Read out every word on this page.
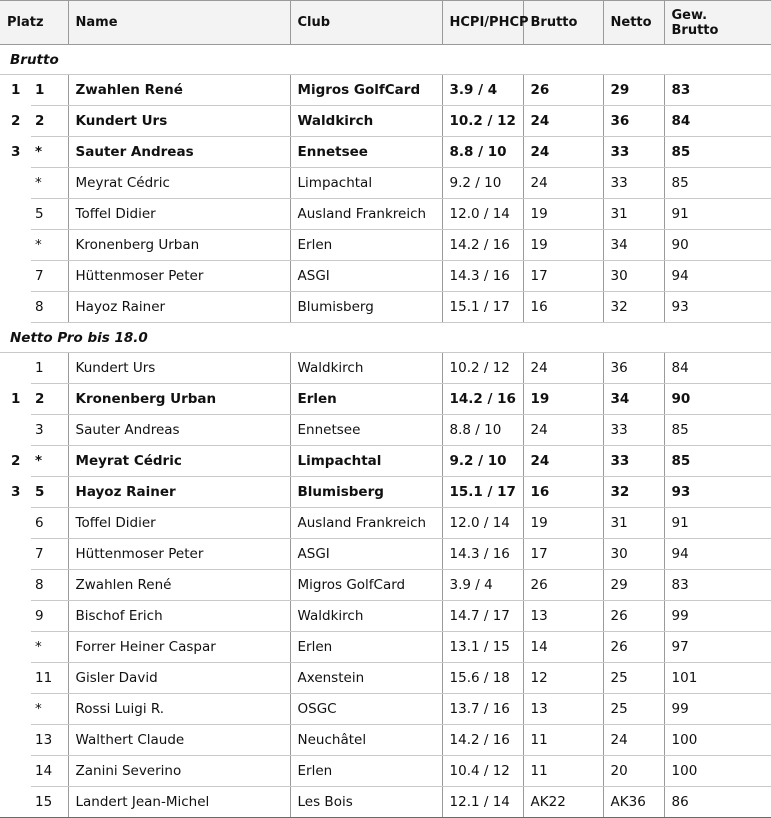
Platz		Name	Club	HCPI/PHCP	Brutto	Netto	Gew. Brutto
Brutto							
1	1	Zwahlen René	Migros GolfCard	3.9 / 4	26	29	83
2	2	Kundert Urs	Waldkirch	10.2 / 12	24	36	84
3	*	Sauter Andreas	Ennetsee	8.8 / 10	24	33	85
	*	Meyrat Cédric	Limpachtal	9.2 / 10	24	33	85
	5	Toffel Didier	Ausland Frankreich	12.0 / 14	19	31	91
	*	Kronenberg Urban	Erlen	14.2 / 16	19	34	90
	7	Hüttenmoser Peter	ASGI	14.3 / 16	17	30	94
	8	Hayoz Rainer	Blumisberg	15.1 / 17	16	32	93
Netto Pro bis 18.0							
	1	Kundert Urs	Waldkirch	10.2 / 12	24	36	84
1	2	Kronenberg Urban	Erlen	14.2 / 16	19	34	90
	3	Sauter Andreas	Ennetsee	8.8 / 10	24	33	85
2	*	Meyrat Cédric	Limpachtal	9.2 / 10	24	33	85
3	5	Hayoz Rainer	Blumisberg	15.1 / 17	16	32	93
	6	Toffel Didier	Ausland Frankreich	12.0 / 14	19	31	91
	7	Hüttenmoser Peter	ASGI	14.3 / 16	17	30	94
	8	Zwahlen René	Migros GolfCard	3.9 / 4	26	29	83
	9	Bischof Erich	Waldkirch	14.7 / 17	13	26	99
	*	Forrer Heiner Caspar	Erlen	13.1 / 15	14	26	97
	11	Gisler David	Axenstein	15.6 / 18	12	25	101
	*	Rossi Luigi R.	OSGC	13.7 / 16	13	25	99
	13	Walthert Claude	Neuchâtel	14.2 / 16	11	24	100
	14	Zanini Severino	Erlen	10.4 / 12	11	20	100
	15	Landert Jean-Michel	Les Bois	12.1 / 14	AK22	AK36	86
